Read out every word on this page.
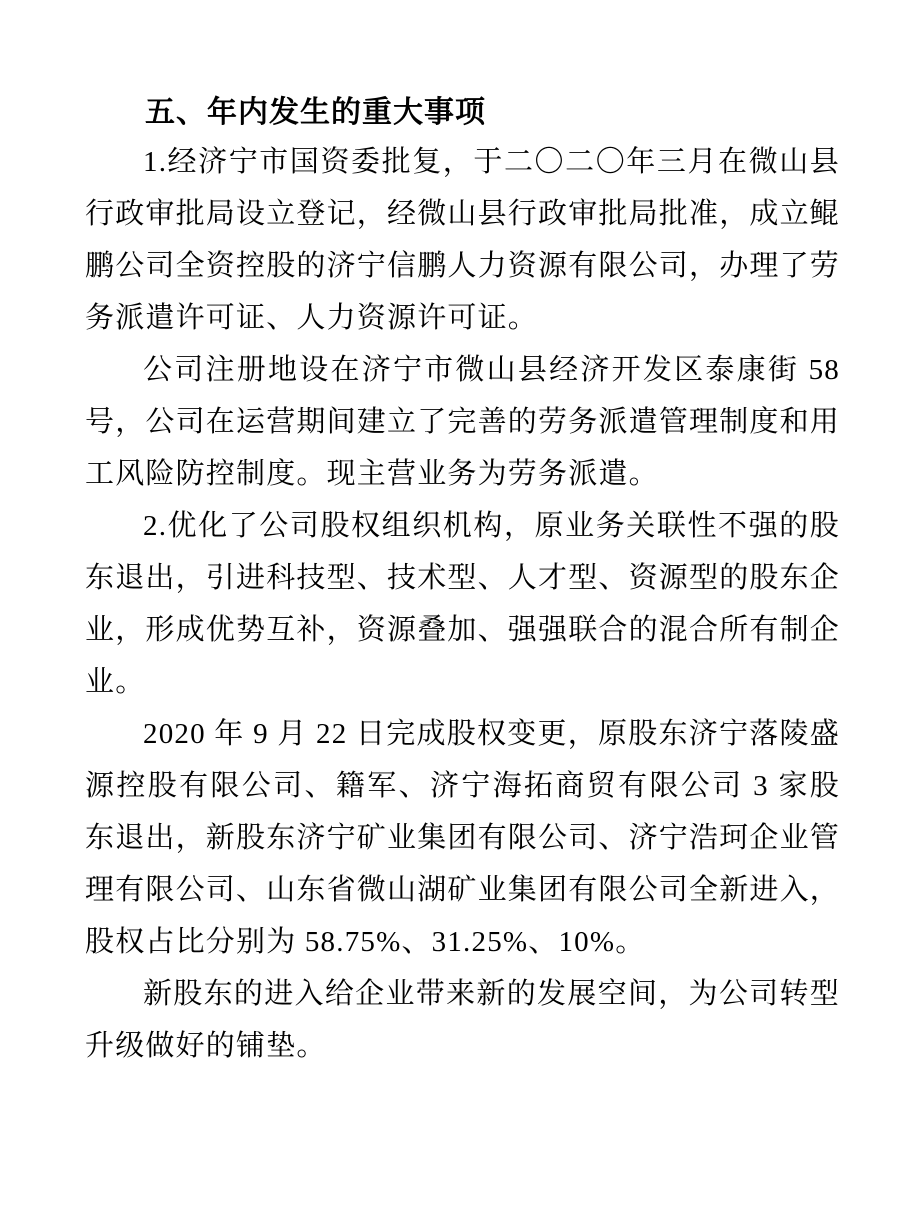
五、年内发生的重大事项

1.经济宁市国资委批复，于二〇二〇年三月在微山县行政审批局设立登记，经微山县行政审批局批准，成立鲲鹏公司全资控股的济宁信鹏人力资源有限公司，办理了劳务派遣许可证、人力资源许可证。

公司注册地设在济宁市微山县经济开发区泰康街 58 号，公司在运营期间建立了完善的劳务派遣管理制度和用工风险防控制度。现主营业务为劳务派遣。

2.优化了公司股权组织机构，原业务关联性不强的股东退出，引进科技型、技术型、人才型、资源型的股东企业，形成优势互补，资源叠加、强强联合的混合所有制企业。

2020 年 9 月 22 日完成股权变更，原股东济宁落陵盛源控股有限公司、籍军、济宁海拓商贸有限公司 3 家股东退出，新股东济宁矿业集团有限公司、济宁浩珂企业管理有限公司、山东省微山湖矿业集团有限公司全新进入，股权占比分别为 58.75%、31.25%、10%。

新股东的进入给企业带来新的发展空间，为公司转型升级做好的铺垫。
